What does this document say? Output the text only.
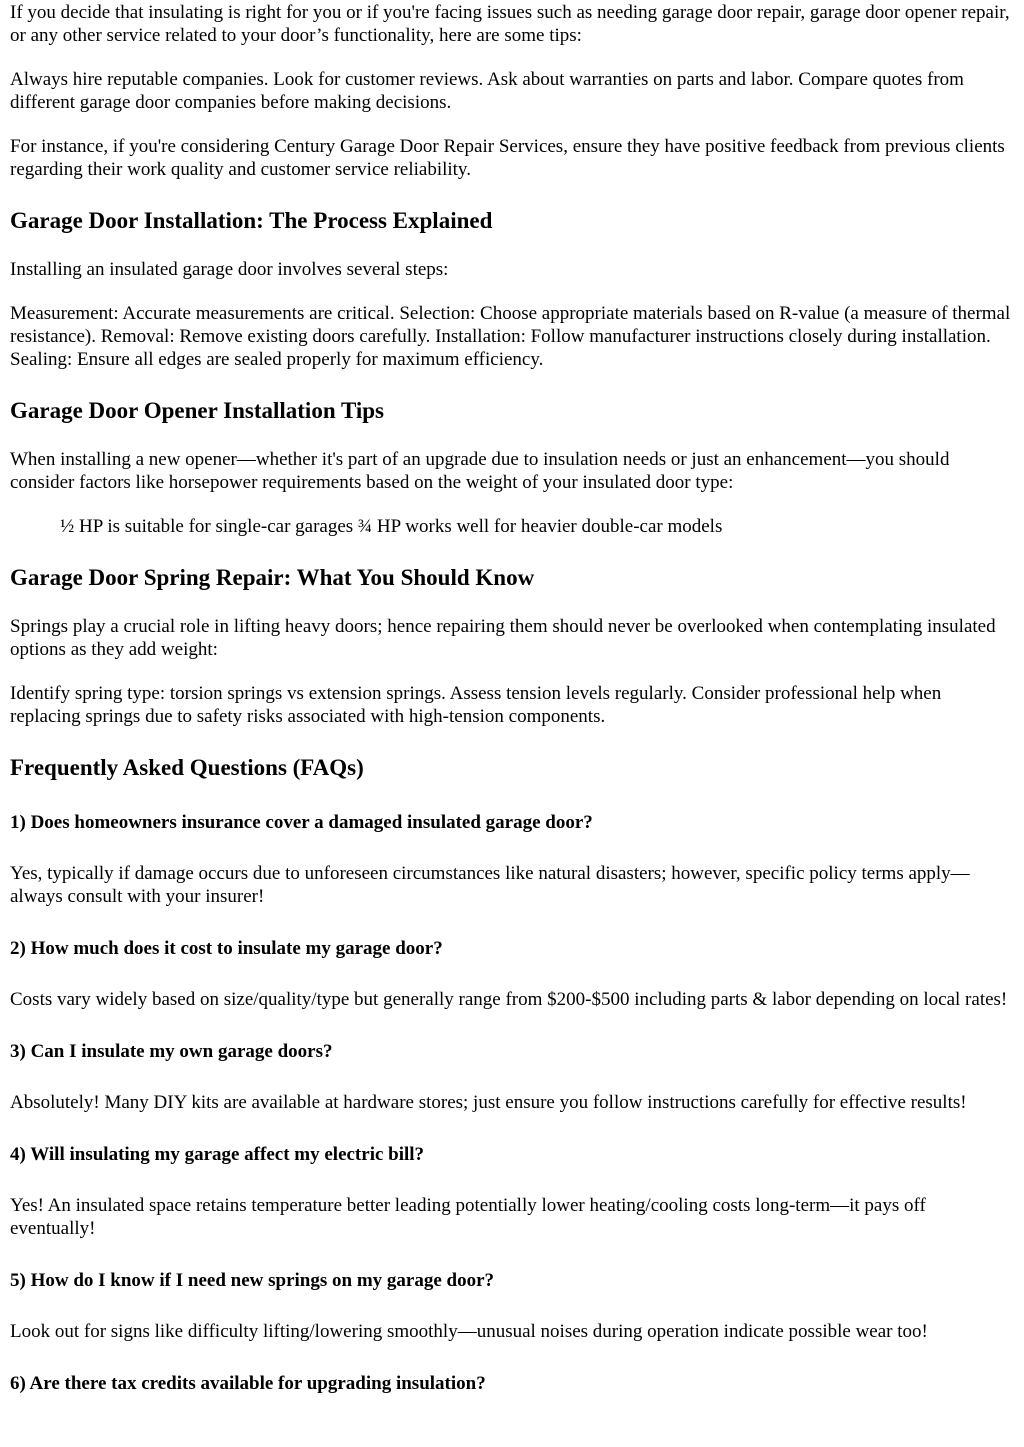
If you decide that insulating is right for you or if you're facing issues such as needing garage door repair, garage door opener repair, or any other service related to your door’s functionality, here are some tips:

Always hire reputable companies. Look for customer reviews. Ask about warranties on parts and labor. Compare quotes from different garage door companies before making decisions.

For instance, if you're considering Century Garage Door Repair Services, ensure they have positive feedback from previous clients regarding their work quality and customer service reliability.

Garage Door Installation: The Process Explained

Installing an insulated garage door involves several steps:

Measurement: Accurate measurements are critical. Selection: Choose appropriate materials based on R-value (a measure of thermal resistance). Removal: Remove existing doors carefully. Installation: Follow manufacturer instructions closely during installation. Sealing: Ensure all edges are sealed properly for maximum efficiency.

Garage Door Opener Installation Tips

When installing a new opener—whether it's part of an upgrade due to insulation needs or just an enhancement—you should consider factors like horsepower requirements based on the weight of your insulated door type:

½ HP is suitable for single-car garages ¾ HP works well for heavier double-car models
Garage Door Spring Repair: What You Should Know

Springs play a crucial role in lifting heavy doors; hence repairing them should never be overlooked when contemplating insulated options as they add weight:

Identify spring type: torsion springs vs extension springs. Assess tension levels regularly. Consider professional help when replacing springs due to safety risks associated with high-tension components.

Frequently Asked Questions (FAQs)
1) Does homeowners insurance cover a damaged insulated garage door?

Yes, typically if damage occurs due to unforeseen circumstances like natural disasters; however, specific policy terms apply—always consult with your insurer!

2) How much does it cost to insulate my garage door?

Costs vary widely based on size/quality/type but generally range from $200-$500 including parts & labor depending on local rates!

3) Can I insulate my own garage doors?

Absolutely! Many DIY kits are available at hardware stores; just ensure you follow instructions carefully for effective results!

4) Will insulating my garage affect my electric bill?

Yes! An insulated space retains temperature better leading potentially lower heating/cooling costs long-term—it pays off eventually!

5) How do I know if I need new springs on my garage door?

Look out for signs like difficulty lifting/lowering smoothly—unusual noises during operation indicate possible wear too!

6) Are there tax credits available for upgrading insulation?
